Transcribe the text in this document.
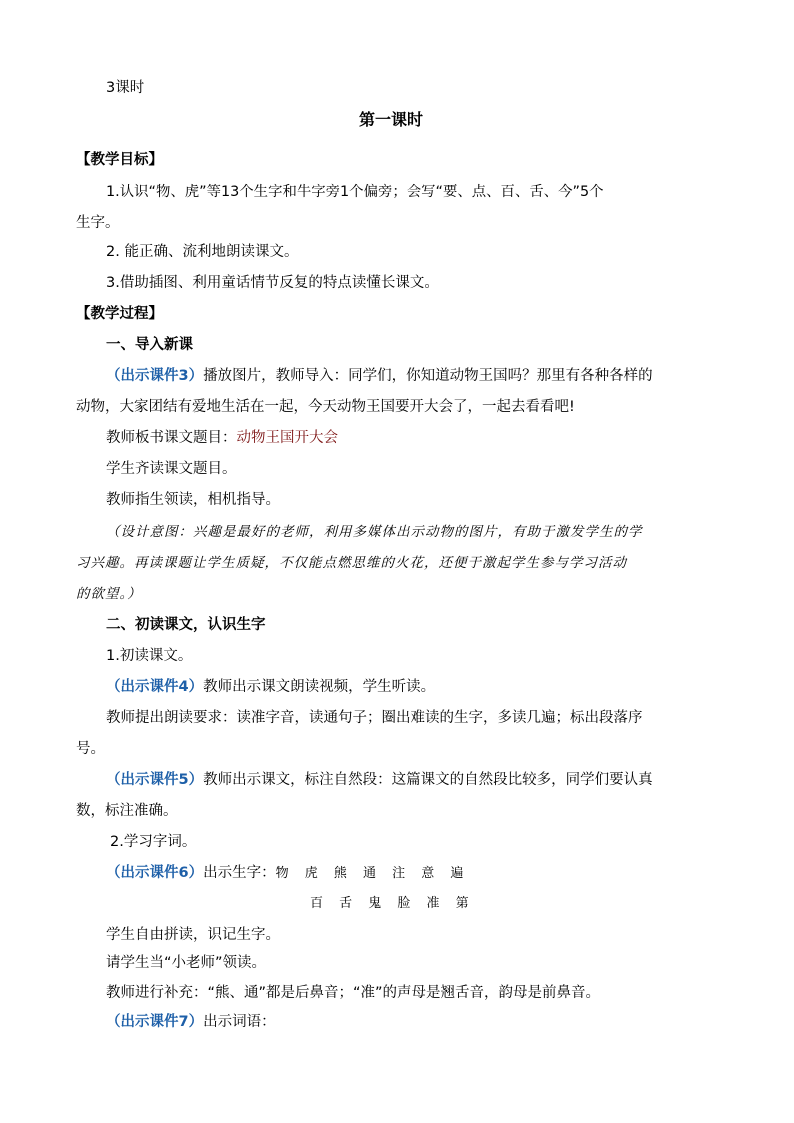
3课时
第一课时
【教学目标】
1.认识“物、虎”等13个生字和牛字旁1个偏旁；会写“要、点、百、舌、今”5个
生字。
2. 能正确、流利地朗读课文。
3.借助插图、利用童话情节反复的特点读懂长课文。
【教学过程】
一、导入新课
（出示课件3）播放图片，教师导入：同学们，你知道动物王国吗？那里有各种各样的
动物，大家团结有爱地生活在一起，今天动物王国要开大会了，一起去看看吧!
教师板书课文题目：动物王国开大会
学生齐读课文题目。
教师指生领读，相机指导。
（设计意图：兴趣是最好的老师，利用多媒体出示动物的图片，有助于激发学生的学
习兴趣。再读课题让学生质疑，不仅能点燃思维的火花，还便于激起学生参与学习活动
的欲望。）
二、初读课文，认识生字
1.初读课文。
（出示课件4）教师出示课文朗读视频，学生听读。
教师提出朗读要求：读准字音，读通句子；圈出难读的生字，多读几遍；标出段落序
号。
（出示课件5）教师出示课文，标注自然段：这篇课文的自然段比较多，同学们要认真
数，标注准确。
2.学习字词。
（出示课件6）出示生字：物 虎 熊 通 注 意 遍
百 舌 鬼 脸 准 第
学生自由拼读，识记生字。
请学生当“小老师”领读。
教师进行补充：“熊、通”都是后鼻音；“准”的声母是翘舌音，韵母是前鼻音。
（出示课件7）出示词语：
